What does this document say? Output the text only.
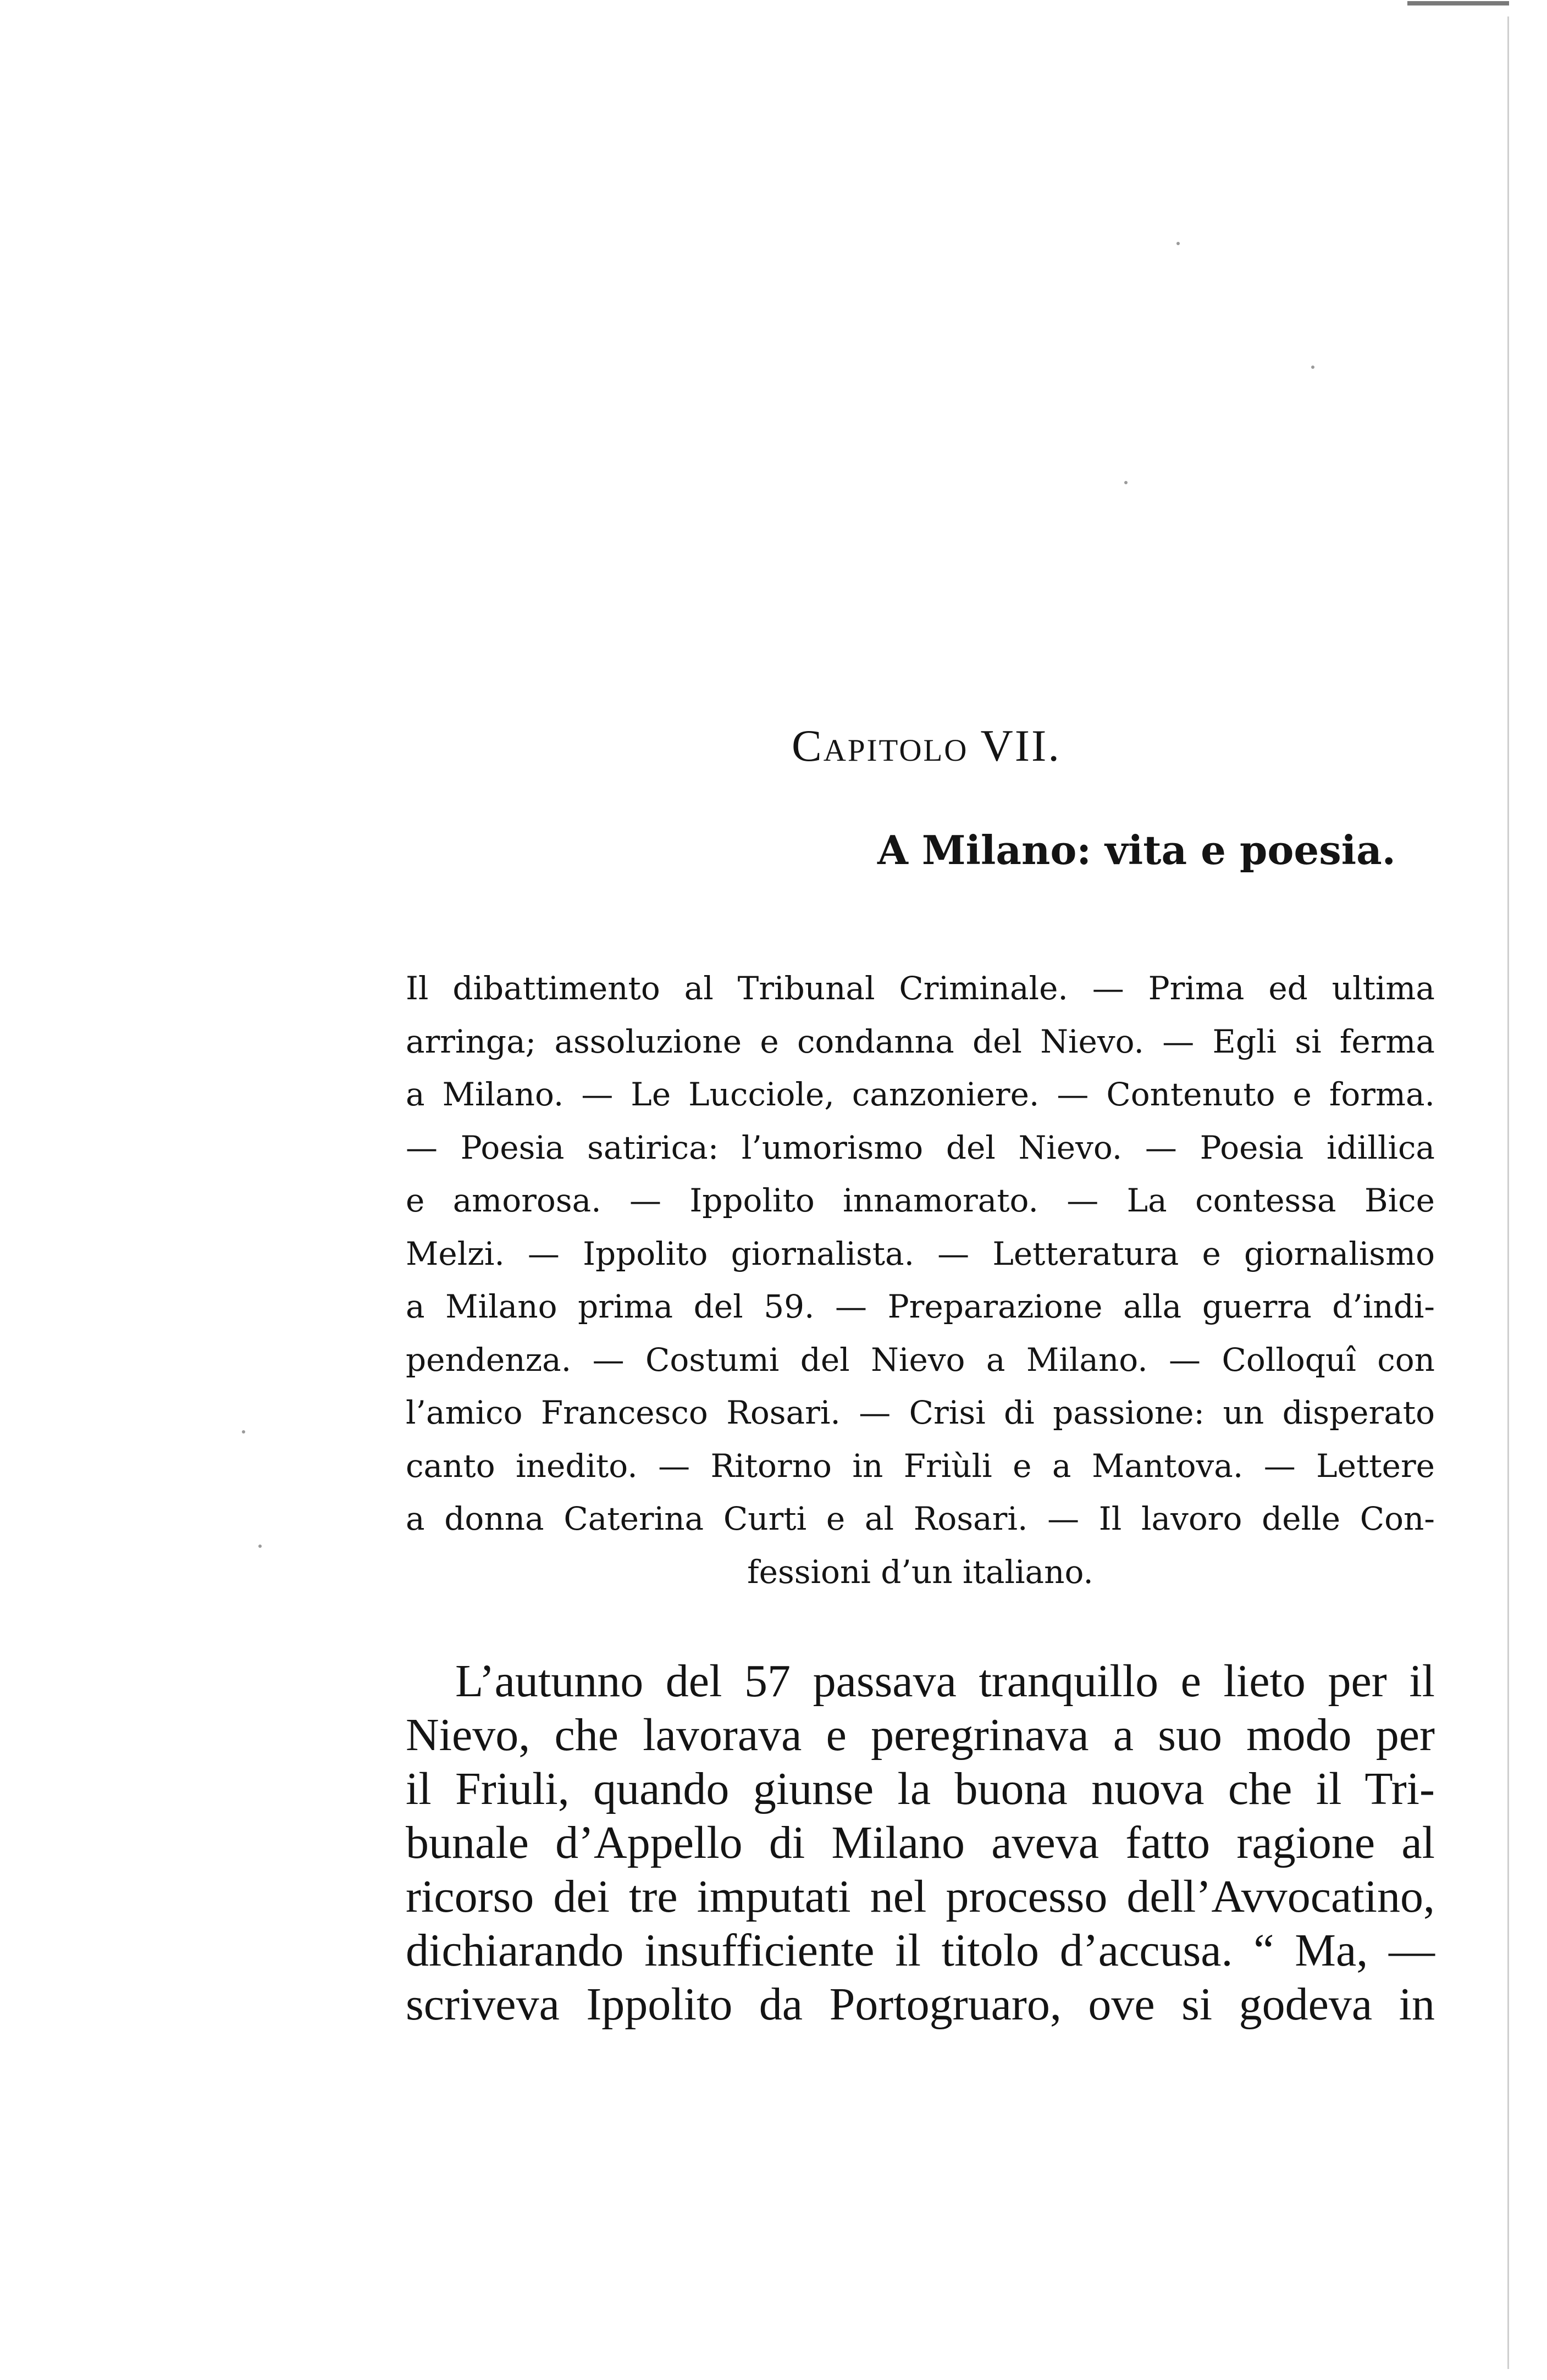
Capitolo VII.
A Milano: vita e poesia.
Il dibattimento al Tribunal Criminale. — Prima ed ultima
arringa; assoluzione e condanna del Nievo. — Egli si ferma
a Milano. — Le Lucciole, canzoniere. — Contenuto e forma.
— Poesia satirica: l’umorismo del Nievo. — Poesia idillica
e amorosa. — Ippolito innamorato. — La contessa Bice
Melzi. — Ippolito giornalista. — Letteratura e giornalismo
a Milano prima del 59. — Preparazione alla guerra d’indi-
pendenza. — Costumi del Nievo a Milano. — Colloquî con
l’amico Francesco Rosari. — Crisi di passione: un disperato
canto inedito. — Ritorno in Friùli e a Mantova. — Lettere
a donna Caterina Curti e al Rosari. — Il lavoro delle Con-
fessioni d’un italiano.
L’autunno del 57 passava tranquillo e lieto per il
Nievo, che lavorava e peregrinava a suo modo per
il Friuli, quando giunse la buona nuova che il Tri-
bunale d’Appello di Milano aveva fatto ragione al
ricorso dei tre imputati nel processo dell’Avvocatino,
dichiarando insufficiente il titolo d’accusa. “ Ma, —
scriveva Ippolito da Portogruaro, ove si godeva in
